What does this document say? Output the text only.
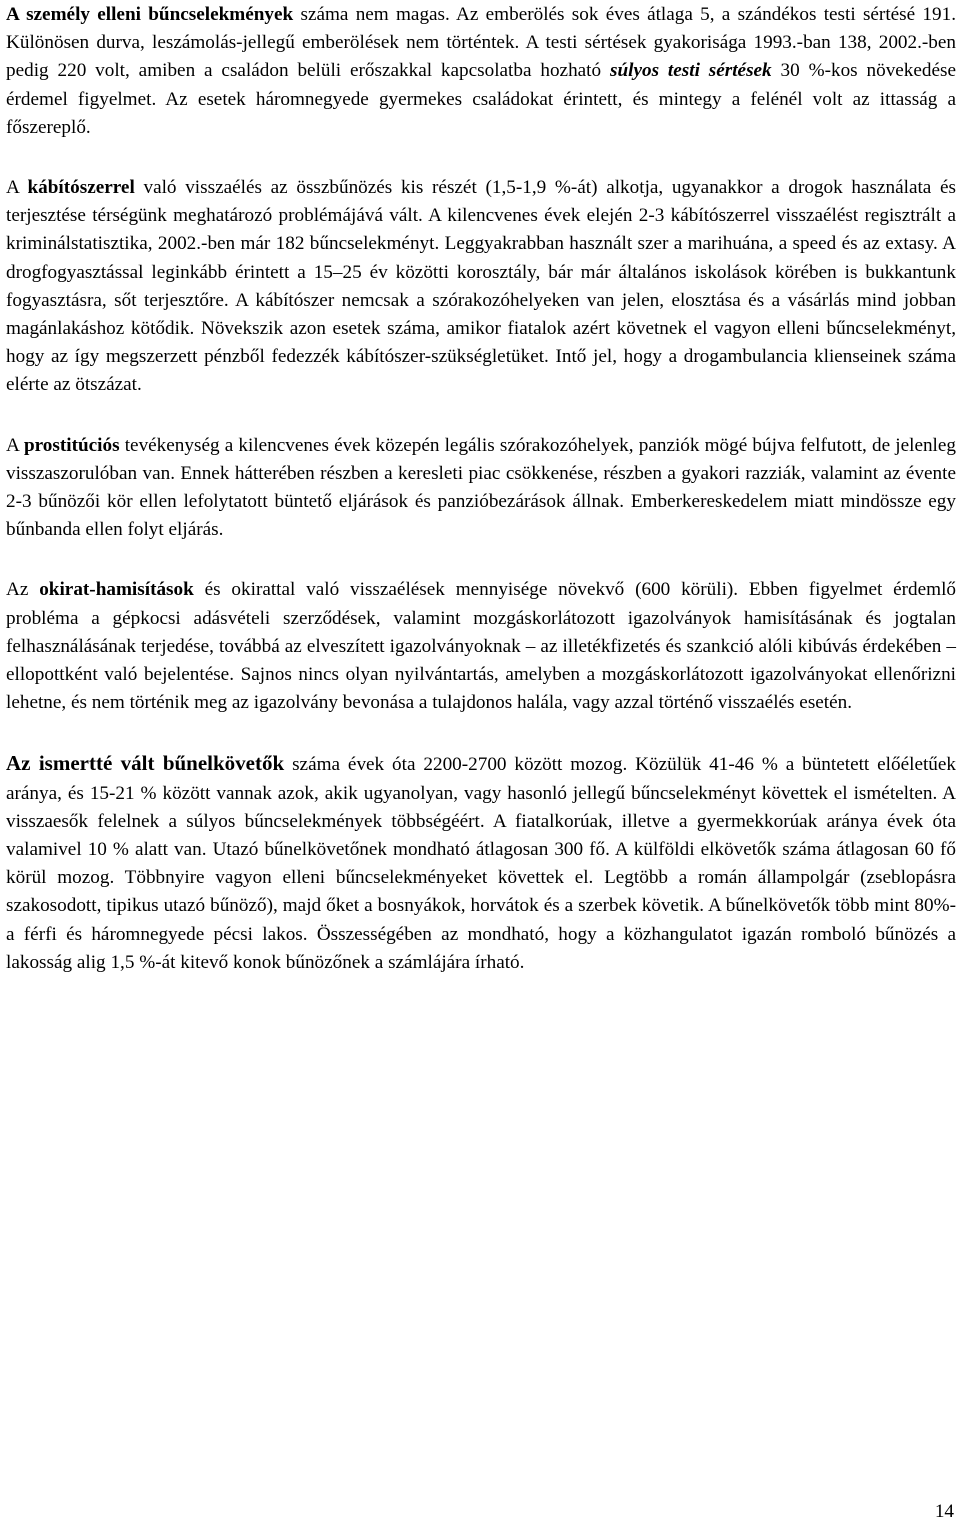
A személy elleni bűncselekmények száma nem magas. Az emberölés sok éves átlaga 5, a szándékos testi sértésé 191. Különösen durva, leszámolás-jellegű emberölések nem történtek. A testi sértések gyakorisága 1993.-ban 138, 2002.-ben pedig 220 volt, amiben a családon belüli erőszakkal kapcsolatba hozható súlyos testi sértések 30 %-kos növekedése érdemel figyelmet. Az esetek háromnegyede gyermekes családokat érintett, és mintegy a felénél volt az ittasság a főszereplő.

A kábítószerrel való visszaélés az összbűnözés kis részét (1,5-1,9 %-át) alkotja, ugyanakkor a drogok használata és terjesztése térségünk meghatározó problémájává vált. A kilencvenes évek elején 2-3 kábítószerrel visszaélést regisztrált a kriminálstatisztika, 2002.-ben már 182 bűncselekményt. Leggyakrabban használt szer a marihuána, a speed és az extasy. A drogfogyasztással leginkább érintett a 15–25 év közötti korosztály, bár már általános iskolások körében is bukkantunk fogyasztásra, sőt terjesztőre. A kábítószer nemcsak a szórakozóhelyeken van jelen, elosztása és a vásárlás mind jobban magánlakáshoz kötődik. Növekszik azon esetek száma, amikor fiatalok azért követnek el vagyon elleni bűncselekményt, hogy az így megszerzett pénzből fedezzék kábítószer-szükségletüket. Intő jel, hogy a drogambulancia klienseinek száma elérte az ötszázat.

A prostitúciós tevékenység a kilencvenes évek közepén legális szórakozóhelyek, panziók mögé bújva felfutott, de jelenleg visszaszorulóban van. Ennek hátterében részben a keresleti piac csökkenése, részben a gyakori razziák, valamint az évente 2-3 bűnözői kör ellen lefolytatott büntető eljárások és panzióbezárások állnak. Emberkereskedelem miatt mindössze egy bűnbanda ellen folyt eljárás.

Az okirat-hamisítások és okirattal való visszaélések mennyisége növekvő (600 körüli). Ebben figyelmet érdemlő probléma a gépkocsi adásvételi szerződések, valamint mozgáskorlátozott igazolványok hamisításának és jogtalan felhasználásának terjedése, továbbá az elveszített igazolványoknak – az illetékfizetés és szankció alóli kibúvás érdekében – ellopottként való bejelentése. Sajnos nincs olyan nyilvántartás, amelyben a mozgáskorlátozott igazolványokat ellenőrizni lehetne, és nem történik meg az igazolvány bevonása a tulajdonos halála, vagy azzal történő visszaélés esetén.

Az ismertté vált bűnelkövetők száma évek óta 2200-2700 között mozog. Közülük 41-46 % a büntetett előéletűek aránya, és 15-21 % között vannak azok, akik ugyanolyan, vagy hasonló jellegű bűncselekményt követtek el ismételten. A visszaesők felelnek a súlyos bűncselekmények többségéért. A fiatalkorúak, illetve a gyermekkorúak aránya évek óta valamivel 10 % alatt van. Utazó bűnelkövetőnek mondható átlagosan 300 fő. A külföldi elkövetők száma átlagosan 60 fő körül mozog. Többnyire vagyon elleni bűncselekményeket követtek el. Legtöbb a román állampolgár (zseblopásra szakosodott, tipikus utazó bűnöző), majd őket a bosnyákok, horvátok és a szerbek követik. A bűnelkövetők több mint 80%-a férfi és háromnegyede pécsi lakos. Összességében az mondható, hogy a közhangulatot igazán romboló bűnözés a lakosság alig 1,5 %-át kitevő konok bűnözőnek a számlájára írható.

14
